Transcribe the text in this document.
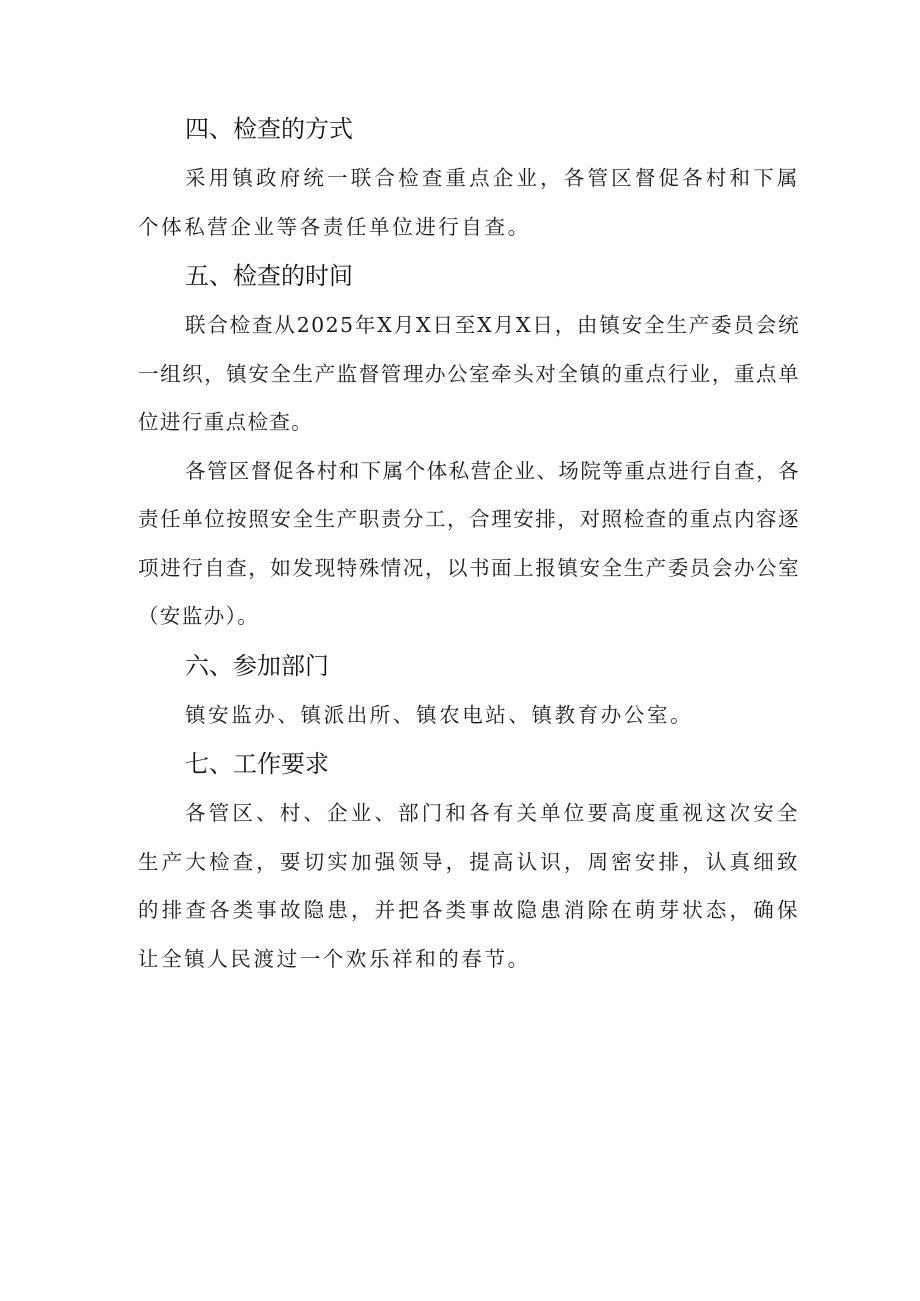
四、检查的方式

采用镇政府统一联合检查重点企业，各管区督促各村和下属个体私营企业等各责任单位进行自查。

五、检查的时间

联合检查从2025年X月X日至X月X日，由镇安全生产委员会统一组织，镇安全生产监督管理办公室牵头对全镇的重点行业，重点单位进行重点检查。

各管区督促各村和下属个体私营企业、场院等重点进行自查，各责任单位按照安全生产职责分工，合理安排，对照检查的重点内容逐项进行自查，如发现特殊情况，以书面上报镇安全生产委员会办公室（安监办）。

六、参加部门

镇安监办、镇派出所、镇农电站、镇教育办公室。

七、工作要求

各管区、村、企业、部门和各有关单位要高度重视这次安全生产大检查，要切实加强领导，提高认识，周密安排，认真细致的排查各类事故隐患，并把各类事故隐患消除在萌芽状态，确保让全镇人民渡过一个欢乐祥和的春节。
